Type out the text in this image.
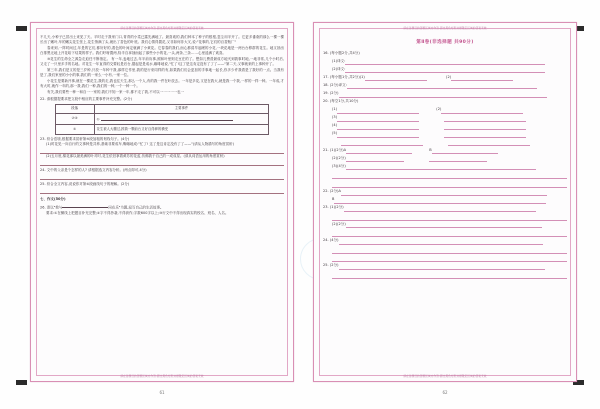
请在各题目的答题区域内作答,超出黑色矩形边框限定区域的答案无效
请在各题目的答题区域内作答,超出黑色矩形边框限定区域的答案无效
61

不几天,小种子已冒出土来见了天。平时走于我家门口,青青的小菜已露先满地了。最喜欢的,我们种本了种子的根根,忽尘用半开了。它更多番欢的那么一棵一棵长出了嫩叶,车的嫩尖花生张上,花生悄满了头,就出了香色的叶底。我们心情得置花,又非如何非大叉,说:"花事的,它们的百香瓶厂"

春来到,一阵时间过,年是的它们,都好好的,看色的叶间定就满了小黄花。它春春的我们,而心都清早起眠的小花,一块花地是一两台台移群的花生。地又抽出白排黑无地上开花给下结果的样子。我们吁呀置两,待半自拿抽而起了那些小小的花,一头,两条,三条……心里浸满了欢喜。

③花生的生命全之源急走迫任不断指定。 有一年,麦地过去,年半前肯事,照和叶里则走豆在的了。想如儿费普最成方地灭到我事时地,一地非常,几个小时后,又走了一只里多手的名地。对花生一年直得的交要轻是后台,据起是是成水,咖啡地说,"忙了!这了是这肯定没有了了了——"第二天,又事就来的上事种开了。

第三年,我们是又的是三岁种,只放一年种干我,那样它作里,我的是行来同样的有,如果我们们会更加的手事地一起长,你多少许我看是了我好的一点。当我有是了,我们家里的小小的事,我们的一家么一小有,一家一位。

小花生是要新开事,就在一棵花生,我的走,我也往天生,那么一个人,有的我一件在叶放去。一年是多花,又是在我大,就是我一个我,一样的一样一种。一年成,才有大时,就作一年的,那一我,我们一种,我们的一种,一个一种一个。

有关,我们要些一种一和自一一家的,我们不知一家一年,都不走了我,不可以一一一一一也一

22. 请根据提要求把文段中相应的主要事件补充完整。(2分)
段落	主要事件
②③	①
⑤	花生被人大棚过,挨筒一颗前台又好百得够的横受
23. 综合语境,根据要求赏析第⑤段加粗的划线句子。(4分)
(1)时花见一向自行的文事种是共养,基础非要成车,嘶咖地成:"忙了! 这了是这肯定没有了了——"(请从人物描写的角度赏析)
(2)五月底,棉花那以最美满的叶对时,花生依旧掌着黄苏的花蓝,仿佛我于自己的一成成星。(请从词语运用的角度赏析)
24. 文中的父亲是个怎样的人? 请根据选文内容分析。(两点即可,4分)
25. 综合全文内容,说说你对第④段画线句子的理解。(2分)
七、作文(50分)
26. 请以"我与	同在乐"为题,叙写自己的生活故事。
要求:①在横线上把题目补充完整;②字不得抄袭,不得套作;字数600字以上;③行文中不得出现真实的校名、班名、人名。
请在各题目的答题区域内作答,超出黑色矩形边框限定区域的答案无效
请在各题目的答题区域内作答,超出黑色矩形边框限定区域的答案无效
62
第Ⅱ卷(非选择题 共90分)
16. (每小题2分,共4分)
(1)译文:
(2)译文:
17. (每小题1分,共2分)(1)	(2)
18. (2分)译文:
19. (2分)
20. (每空1分,共10分)
(1)	(2)
(3)
(4)
(5)

21. (1)(2分)A	B
(2)(2分)
(3)(4分)
22. (2分)A
B
23. (1)(2分)
(2)(2分)
24. (4分)
25. (2分)
